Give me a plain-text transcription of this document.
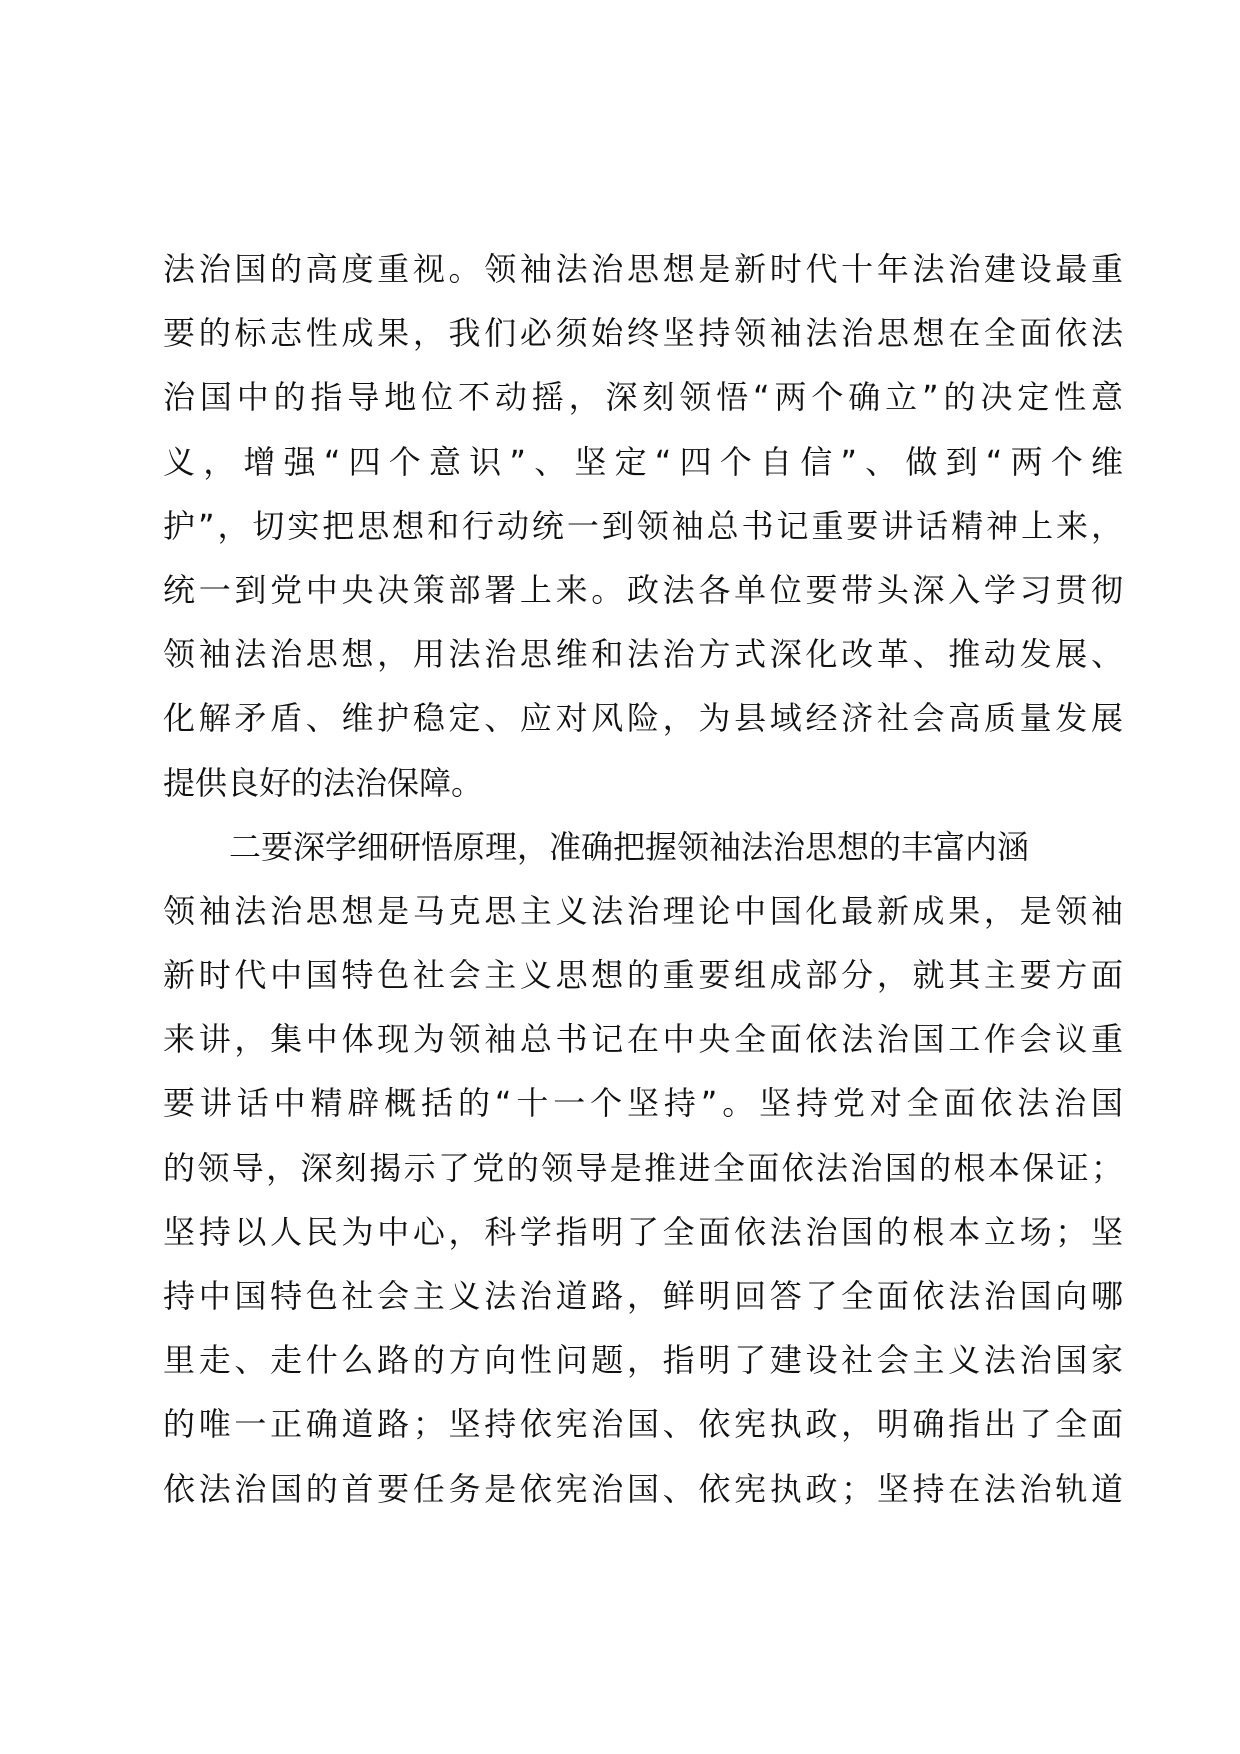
法治国的高度重视。领袖法治思想是新时代十年法治建设最重
要的标志性成果，我们必须始终坚持领袖法治思想在全面依法
治国中的指导地位不动摇，深刻领悟“两个确立”的决定性意
义，增强“四个意识”、坚定“四个自信”、做到“两个维
护”，切实把思想和行动统一到领袖总书记重要讲话精神上来，
统一到党中央决策部署上来。政法各单位要带头深入学习贯彻
领袖法治思想，用法治思维和法治方式深化改革、推动发展、
化解矛盾、维护稳定、应对风险，为县域经济社会高质量发展
提供良好的法治保障。
二要深学细研悟原理，准确把握领袖法治思想的丰富内涵
领袖法治思想是马克思主义法治理论中国化最新成果，是领袖
新时代中国特色社会主义思想的重要组成部分，就其主要方面
来讲，集中体现为领袖总书记在中央全面依法治国工作会议重
要讲话中精辟概括的“十一个坚持”。坚持党对全面依法治国
的领导，深刻揭示了党的领导是推进全面依法治国的根本保证；
坚持以人民为中心，科学指明了全面依法治国的根本立场；坚
持中国特色社会主义法治道路，鲜明回答了全面依法治国向哪
里走、走什么路的方向性问题，指明了建设社会主义法治国家
的唯一正确道路；坚持依宪治国、依宪执政，明确指出了全面
依法治国的首要任务是依宪治国、依宪执政；坚持在法治轨道
